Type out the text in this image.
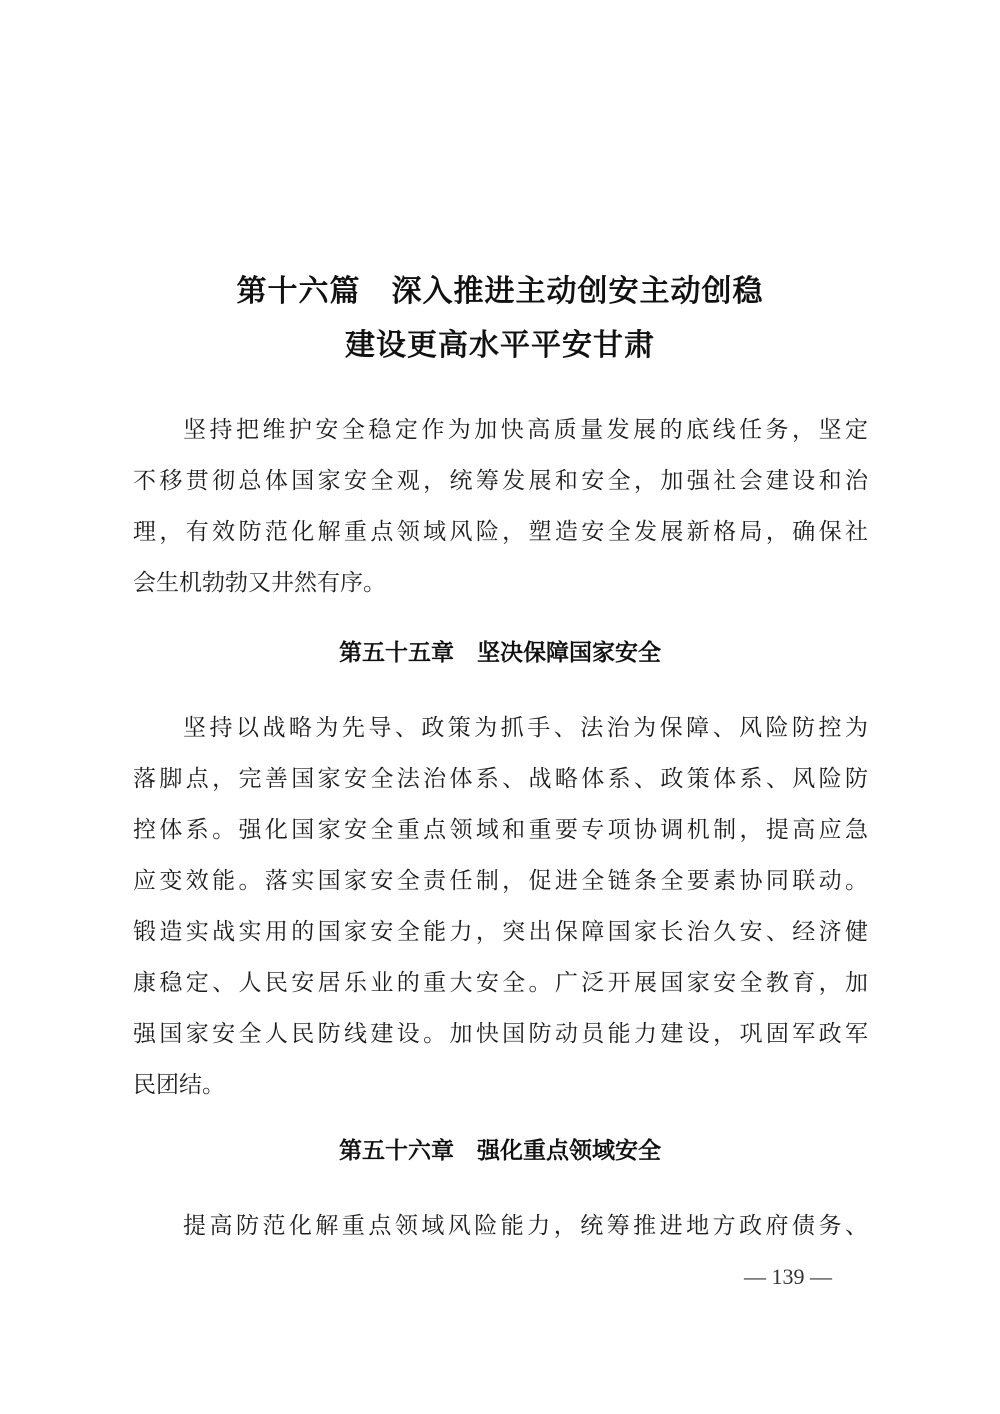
第十六篇　深入推进主动创安主动创稳
建设更高水平平安甘肃
坚持把维护安全稳定作为加快高质量发展的底线任务，坚定
不移贯彻总体国家安全观，统筹发展和安全，加强社会建设和治
理，有效防范化解重点领域风险，塑造安全发展新格局，确保社
会生机勃勃又井然有序。
第五十五章　坚决保障国家安全
坚持以战略为先导、政策为抓手、法治为保障、风险防控为
落脚点，完善国家安全法治体系、战略体系、政策体系、风险防
控体系。强化国家安全重点领域和重要专项协调机制，提高应急
应变效能。落实国家安全责任制，促进全链条全要素协同联动。
锻造实战实用的国家安全能力，突出保障国家长治久安、经济健
康稳定、人民安居乐业的重大安全。广泛开展国家安全教育，加
强国家安全人民防线建设。加快国防动员能力建设，巩固军政军
民团结。
第五十六章　强化重点领域安全
提高防范化解重点领域风险能力，统筹推进地方政府债务、
— 139 —
